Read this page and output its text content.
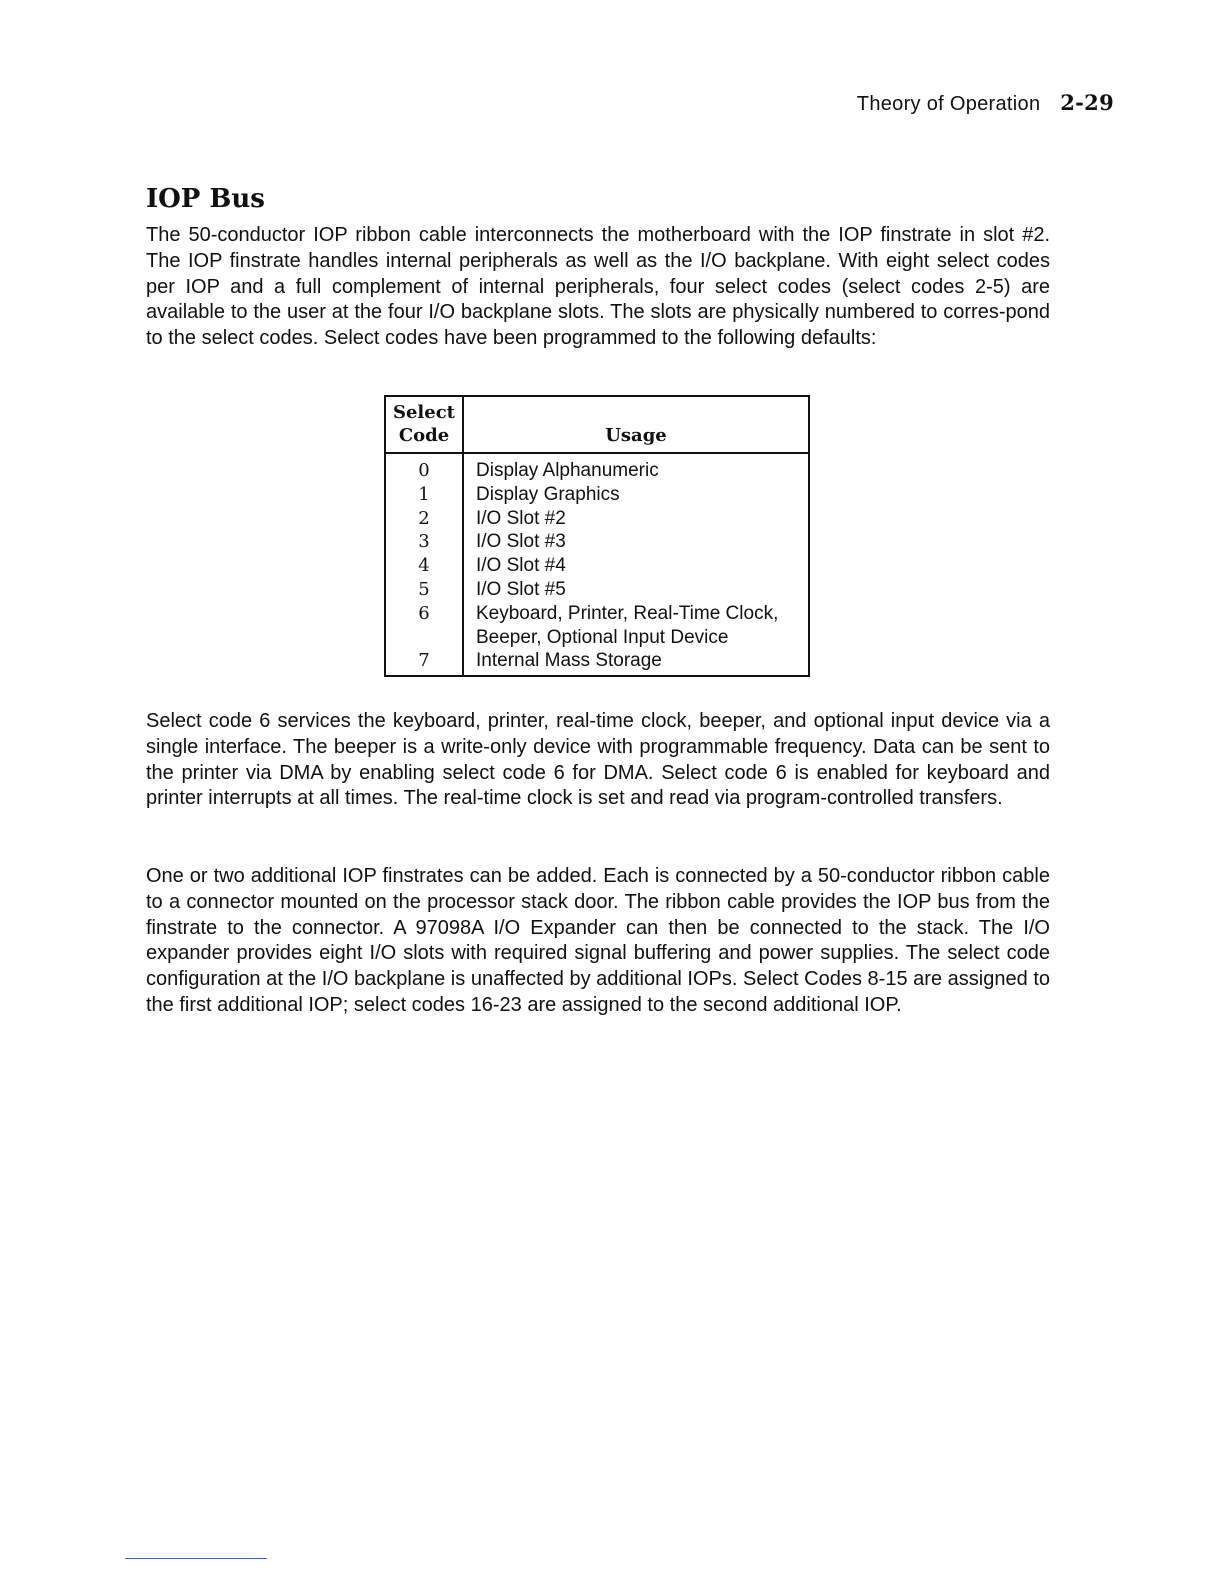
Theory of Operation 2-29
IOP Bus

The 50-conductor IOP ribbon cable interconnects the motherboard with the IOP finstrate in slot #2. The IOP finstrate handles internal peripherals as well as the I/O backplane. With eight select codes per IOP and a full complement of internal peripherals, four select codes (select codes 2-5) are available to the user at the four I/O backplane slots. The slots are physically numbered to corres-pond to the select codes. Select codes have been programmed to the following defaults:

Select
Code	Usage
0	Display Alphanumeric
1	Display Graphics
2	I/O Slot #2
3	I/O Slot #3
4	I/O Slot #4
5	I/O Slot #5
6	Keyboard, Printer, Real-Time Clock,
Beeper, Optional Input Device

7	Internal Mass Storage

Select code 6 services the keyboard, printer, real-time clock, beeper, and optional input device via a single interface. The beeper is a write-only device with programmable frequency. Data can be sent to the printer via DMA by enabling select code 6 for DMA. Select code 6 is enabled for keyboard and printer interrupts at all times. The real-time clock is set and read via program-controlled transfers.

One or two additional IOP finstrates can be added. Each is connected by a 50-conductor ribbon cable to a connector mounted on the processor stack door. The ribbon cable provides the IOP bus from the finstrate to the connector. A 97098A I/O Expander can then be connected to the stack. The I/O expander provides eight I/O slots with required signal buffering and power supplies. The select code configuration at the I/O backplane is unaffected by additional IOPs. Select Codes 8-15 are assigned to the first additional IOP; select codes 16-23 are assigned to the second additional IOP.
